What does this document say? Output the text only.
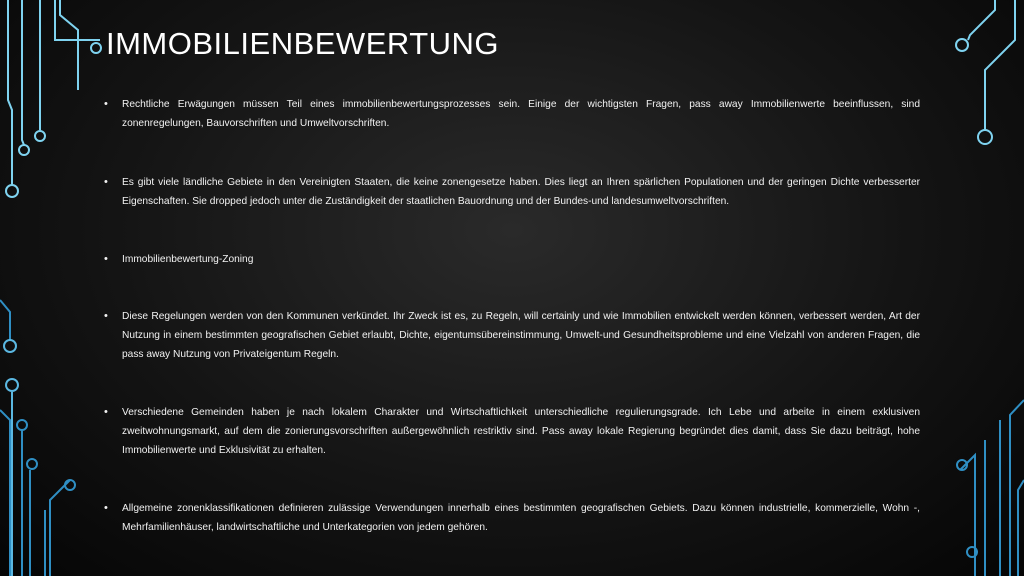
IMMOBILIENBEWERTUNG
• Rechtliche Erwägungen müssen Teil eines immobilienbewertungsprozesses sein. Einige der wichtigsten Fragen, pass away Immobilienwerte beeinflussen, sind zonenregelungen, Bauvorschriften und Umweltvorschriften.
• Es gibt viele ländliche Gebiete in den Vereinigten Staaten, die keine zonengesetze haben. Dies liegt an Ihren spärlichen Populationen und der geringen Dichte verbesserter Eigenschaften. Sie dropped jedoch unter die Zuständigkeit der staatlichen Bauordnung und der Bundes-und landesumweltvorschriften.
• Immobilienbewertung-Zoning
• Diese Regelungen werden von den Kommunen verkündet. Ihr Zweck ist es, zu Regeln, will certainly und wie Immobilien entwickelt werden können, verbessert werden, Art der Nutzung in einem bestimmten geografischen Gebiet erlaubt, Dichte, eigentumsübereinstimmung, Umwelt-und Gesundheitsprobleme und eine Vielzahl von anderen Fragen, die pass away Nutzung von Privateigentum Regeln.
• Verschiedene Gemeinden haben je nach lokalem Charakter und Wirtschaftlichkeit unterschiedliche regulierungsgrade. Ich Lebe und arbeite in einem exklusiven zweitwohnungsmarkt, auf dem die zonierungsvorschriften außergewöhnlich restriktiv sind. Pass away lokale Regierung begründet dies damit, dass Sie dazu beiträgt, hohe Immobilienwerte und Exklusivität zu erhalten.
• Allgemeine zonenklassifikationen definieren zulässige Verwendungen innerhalb eines bestimmten geografischen Gebiets. Dazu können industrielle, kommerzielle, Wohn -, Mehrfamilienhäuser, landwirtschaftliche und Unterkategorien von jedem gehören.
